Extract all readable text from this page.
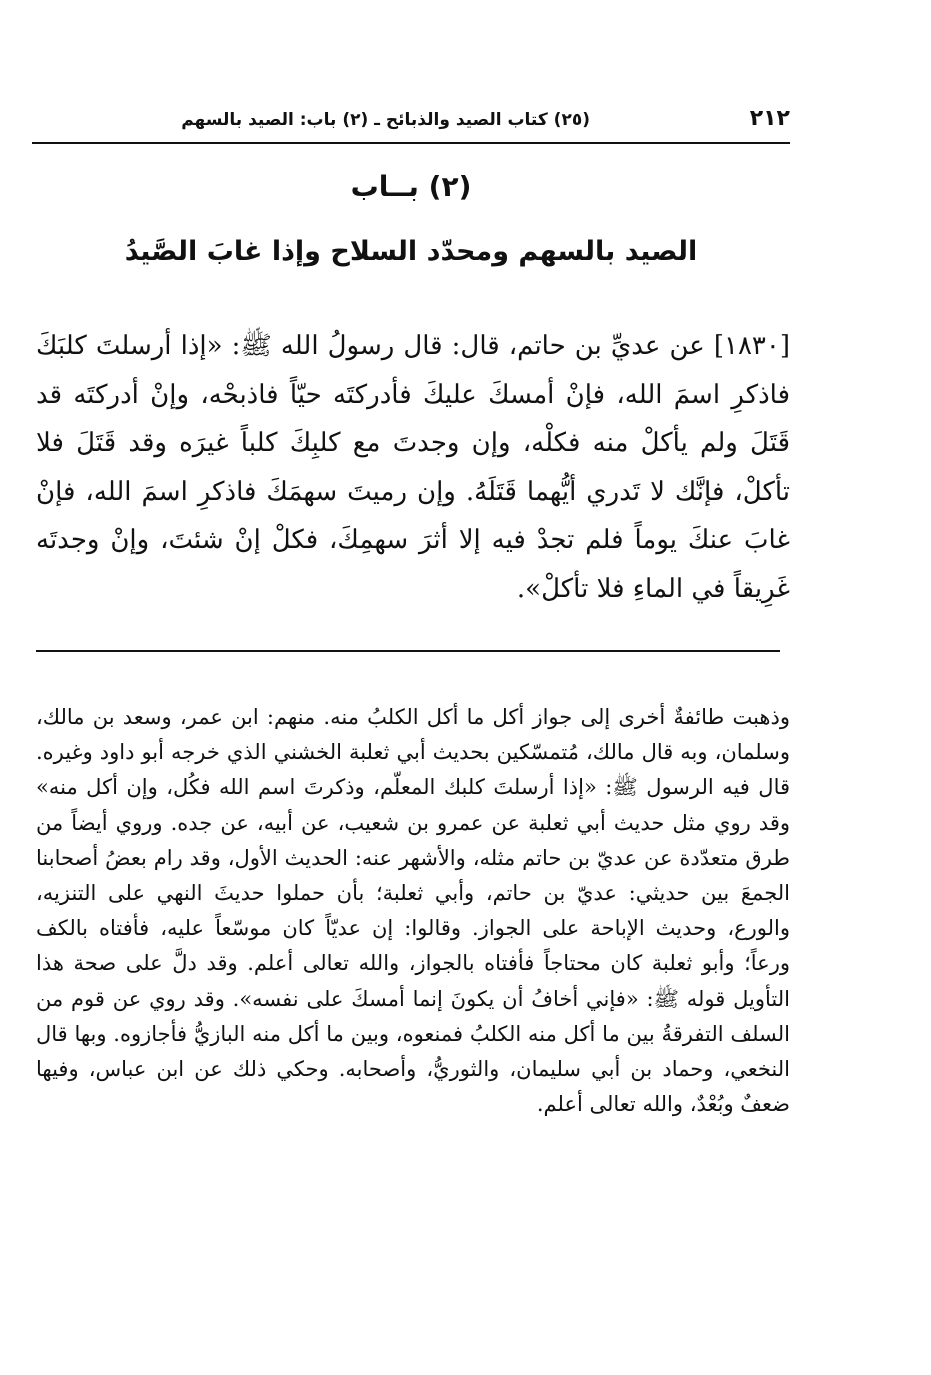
٢١٢
(٢٥) كتاب الصيد والذبائح ـ (٢) باب: الصيد بالسهم
(٢) بــاب
الصيد بالسهم ومحدّد السلاح وإذا غابَ الصَّيدُ
[١٨٣٠] عن عديِّ بن حاتم، قال: قال رسولُ الله ﷺ: «إذا أرسلتَ كلبَكَ فاذكرِ اسمَ الله، فإنْ أمسكَ عليكَ فأدركتَه حيّاً فاذبحْه، وإنْ أدركتَه قد قَتَلَ ولم يأكلْ منه فكلْه، وإن وجدتَ مع كلبِكَ كلباً غيرَه وقد قَتَلَ فلا تأكلْ، فإنَّك لا تَدري أيُّهما قَتَلَهُ. وإن رميتَ سهمَكَ فاذكرِ اسمَ الله، فإنْ غابَ عنكَ يوماً فلم تجدْ فيه إلا أثرَ سهمِكَ، فكلْ إنْ شئتَ، وإنْ وجدتَه غَرِيقاً في الماءِ فلا تأكلْ».
وذهبت طائفةٌ أخرى إلى جواز أكل ما أكل الكلبُ منه. منهم: ابن عمر، وسعد بن مالك، وسلمان، وبه قال مالك، مُتمسّكين بحديث أبي ثعلبة الخشني الذي خرجه أبو داود وغيره. قال فيه الرسول ﷺ: «إذا أرسلتَ كلبك المعلّم، وذكرتَ اسم الله فكُل، وإن أكل منه» وقد روي مثل حديث أبي ثعلبة عن عمرو بن شعيب، عن أبيه، عن جده. وروي أيضاً من طرق متعدّدة عن عديّ بن حاتم مثله، والأشهر عنه: الحديث الأول، وقد رام بعضُ أصحابنا الجمعَ بين حديثي: عديّ بن حاتم، وأبي ثعلبة؛ بأن حملوا حديثَ النهي على التنزيه، والورع، وحديث الإباحة على الجواز. وقالوا: إن عديّاً كان موسّعاً عليه، فأفتاه بالكف ورعاً؛ وأبو ثعلبة كان محتاجاً فأفتاه بالجواز، والله تعالى أعلم. وقد دلَّ على صحة هذا التأويل قوله ﷺ: «فإني أخافُ أن يكونَ إنما أمسكَ على نفسه». وقد روي عن قوم من السلف التفرقةُ بين ما أكل منه الكلبُ فمنعوه، وبين ما أكل منه البازيُّ فأجازوه. وبها قال النخعي، وحماد بن أبي سليمان، والثوريُّ، وأصحابه. وحكي ذلك عن ابن عباس، وفيها ضعفٌ وبُعْدٌ، والله تعالى أعلم.
